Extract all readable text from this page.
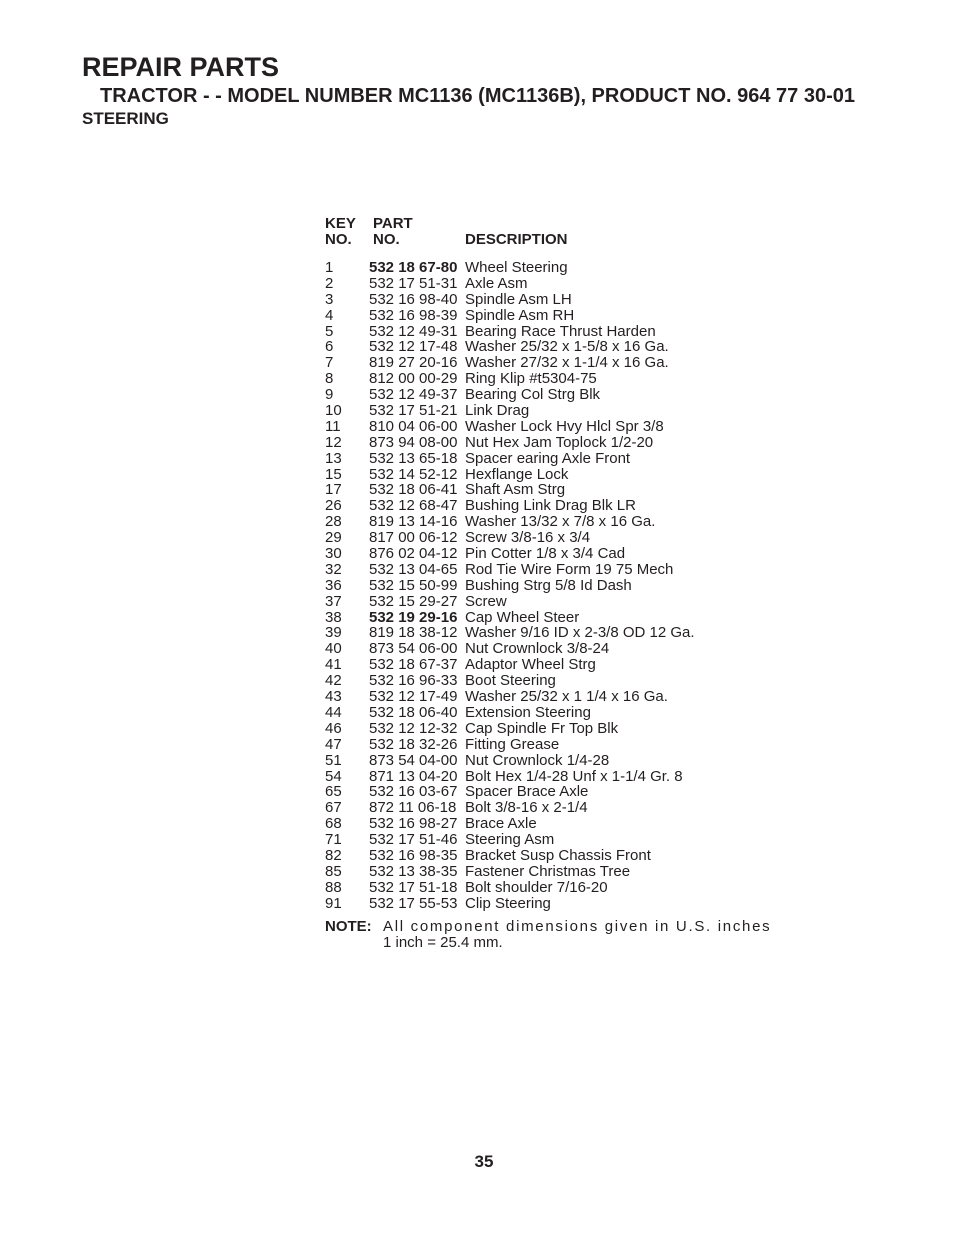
REPAIR PARTS
TRACTOR - - MODEL NUMBER MC1136 (MC1136B), PRODUCT NO. 964 77 30-01
STEERING
KEY
NO.
PART
NO.	DESCRIPTION
1 532 18 67-80 Wheel Steering
2 532 17 51-31 Axle Asm
3 532 16 98-40 Spindle Asm LH
4 532 16 98-39 Spindle Asm RH
5 532 12 49-31 Bearing Race Thrust Harden
6 532 12 17-48 Washer 25/32 x 1-5/8 x 16 Ga.
7 819 27 20-16 Washer 27/32 x 1-1/4 x 16 Ga.
8 812 00 00-29 Ring Klip #t5304-75
9 532 12 49-37 Bearing Col Strg Blk
10 532 17 51-21 Link Drag
11 810 04 06-00 Washer Lock Hvy Hlcl Spr 3/8
12 873 94 08-00 Nut Hex Jam Toplock 1/2-20
13 532 13 65-18 Spacer earing Axle Front
15 532 14 52-12 Hexflange Lock
17 532 18 06-41 Shaft Asm Strg
26 532 12 68-47 Bushing Link Drag Blk LR
28 819 13 14-16 Washer 13/32 x 7/8 x 16 Ga.
29 817 00 06-12 Screw 3/8-16 x 3/4
30 876 02 04-12 Pin Cotter 1/8 x 3/4 Cad
32 532 13 04-65 Rod Tie Wire Form 19 75 Mech
36 532 15 50-99 Bushing Strg 5/8 Id Dash
37 532 15 29-27 Screw
38 532 19 29-16 Cap Wheel Steer
39 819 18 38-12 Washer 9/16 ID x 2-3/8 OD 12 Ga.
40 873 54 06-00 Nut Crownlock 3/8-24
41 532 18 67-37 Adaptor Wheel Strg
42 532 16 96-33 Boot Steering
43 532 12 17-49 Washer 25/32 x 1 1/4 x 16 Ga.
44 532 18 06-40 Extension Steering
46 532 12 12-32 Cap Spindle Fr Top Blk
47 532 18 32-26 Fitting Grease
51 873 54 04-00 Nut Crownlock 1/4-28
54 871 13 04-20 Bolt Hex 1/4-28 Unf x 1-1/4 Gr. 8
65 532 16 03-67 Spacer Brace Axle
67 872 11 06-18 Bolt 3/8-16 x 2-1/4
68 532 16 98-27 Brace Axle
71 532 17 51-46 Steering Asm
82 532 16 98-35 Bracket Susp Chassis Front
85 532 13 38-35 Fastener Christmas Tree
88 532 17 51-18 Bolt shoulder 7/16-20
91 532 17 55-53 Clip Steering
NOTE: All component dimensions given in U.S. inches
1 inch = 25.4 mm.
35
